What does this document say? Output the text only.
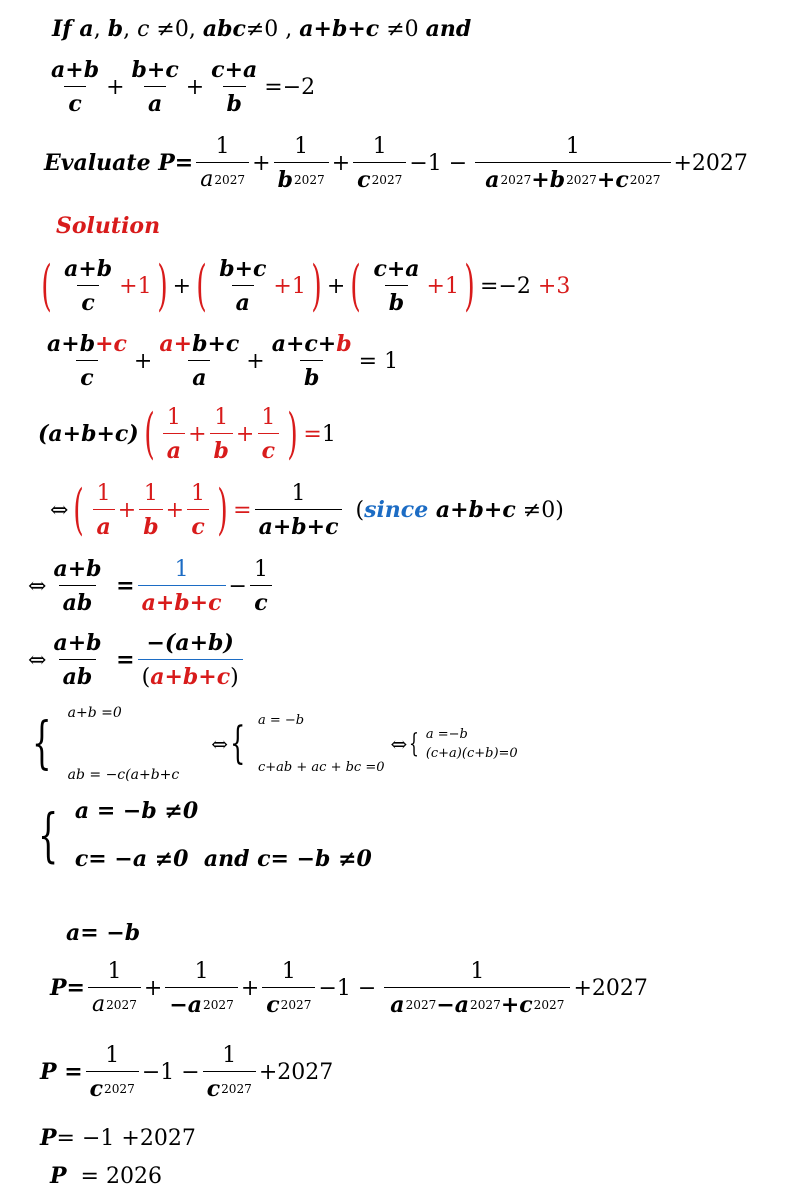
If a , b , c ≠0, abc ≠0 , a+b+c ≠0 and
$\frac{a+b}{c} + \frac{b+c}{a} + \frac{c+a}{b} =-2$
Evaluate $P = \frac{1}{a 2027} + \frac{1}{b 2027} + \frac{1}{c 2027} -1 - \frac{1}{a 2027 + b 2027 + c 2027} +2027$
Solution
( $\frac{a+b}{c} +1$ ) + ( $\frac{b+c}{a} +1$ ) + ( $\frac{c+a}{b} +1$ ) =−2 +3
$\frac{a+b +c}{c} + \frac{a+ b+c}{a} + \frac{a+c+ b}{b} = 1$
(a+b+c) ( $\frac{1}{a} + \frac{1}{b} + \frac{1}{c}$ ) = 1
⇔ ( $\frac{1}{a} + \frac{1}{b} + \frac{1}{c}$ ) = $\frac{1}{a+b+c}$ ( since a+b+c ≠0)
⇔ $\frac{a+b}{ab} = \frac{1}{a+b+c} - \frac{1}{c}$
⇔ $\frac{a+b}{ab} = \frac{-(a+b)}{( a+b+c )}$
{ a+b =0
ab = −c(a+b+c
⇔ { a = −b
c+ab + ac + bc =0
⇔ { a =−b
(c+a)(c+b)=0
{ a = −b ≠0
c= −a ≠0  and c= −b ≠0
a= −b
$P = \frac{1}{a 2027} + \frac{1}{- a 2027} + \frac{1}{c 2027} -1 - \frac{1}{a 2027 - a 2027 + c 2027} +2027$
$P = \frac{1}{c 2027} -1 - \frac{1}{c 2027} +2027$
P = −1 +2027
P = 2026
